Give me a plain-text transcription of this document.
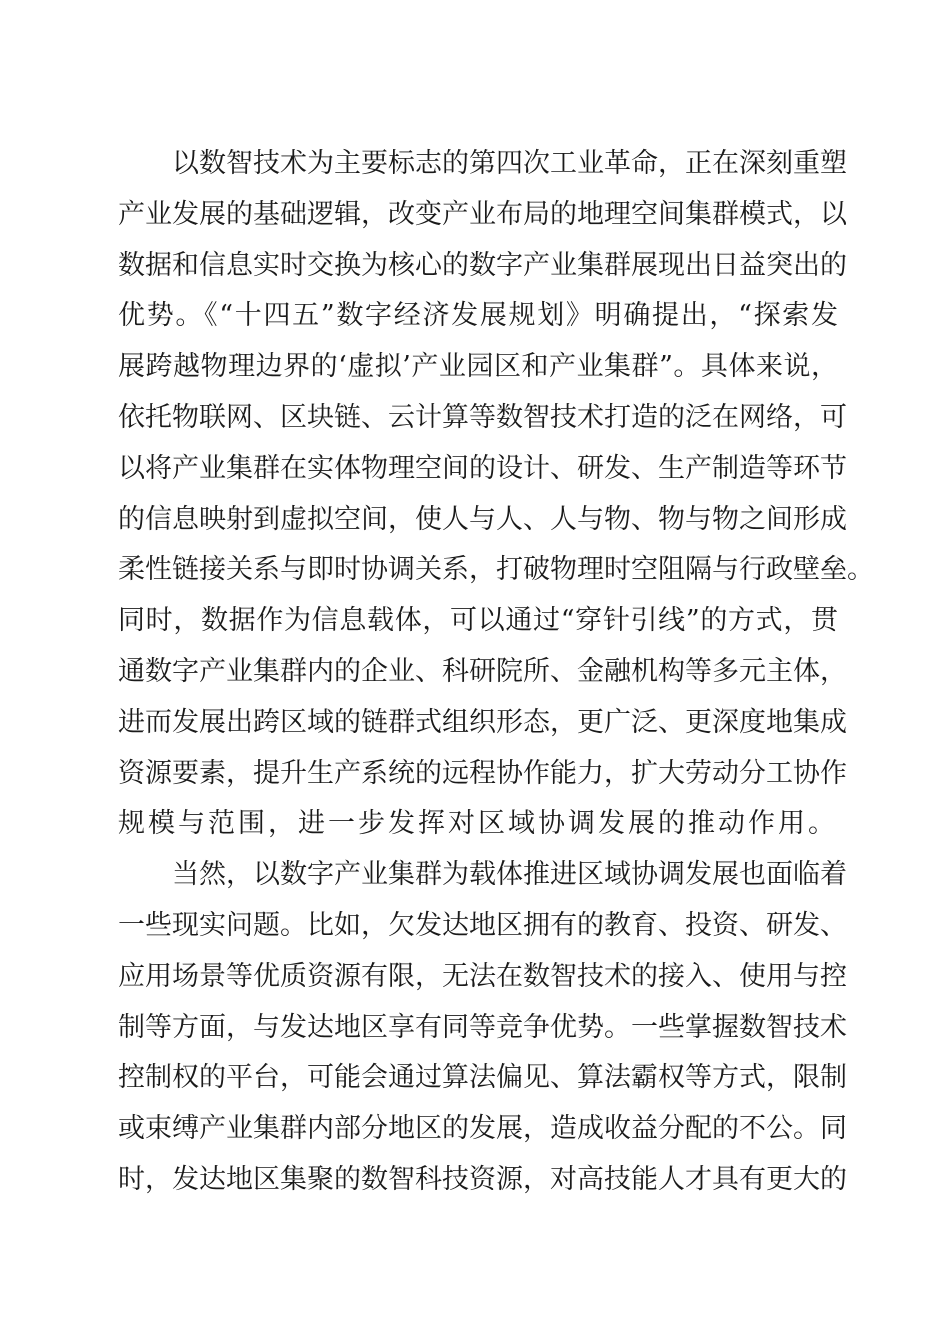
以数智技术为主要标志的第四次工业革命，正在深刻重塑
产业发展的基础逻辑，改变产业布局的地理空间集群模式，以
数据和信息实时交换为核心的数字产业集群展现出日益突出的
优势。《“十四五”数字经济发展规划》明确提出，“探索发
展跨越物理边界的‘虚拟’产业园区和产业集群”。具体来说，
依托物联网、区块链、云计算等数智技术打造的泛在网络，可
以将产业集群在实体物理空间的设计、研发、生产制造等环节
的信息映射到虚拟空间，使人与人、人与物、物与物之间形成
柔性链接关系与即时协调关系，打破物理时空阻隔与行政壁垒。
同时，数据作为信息载体，可以通过“穿针引线”的方式，贯
通数字产业集群内的企业、科研院所、金融机构等多元主体，
进而发展出跨区域的链群式组织形态，更广泛、更深度地集成
资源要素，提升生产系统的远程协作能力，扩大劳动分工协作
规模与范围，进一步发挥对区域协调发展的推动作用。
当然，以数字产业集群为载体推进区域协调发展也面临着
一些现实问题。比如，欠发达地区拥有的教育、投资、研发、
应用场景等优质资源有限，无法在数智技术的接入、使用与控
制等方面，与发达地区享有同等竞争优势。一些掌握数智技术
控制权的平台，可能会通过算法偏见、算法霸权等方式，限制
或束缚产业集群内部分地区的发展，造成收益分配的不公。同
时，发达地区集聚的数智科技资源，对高技能人才具有更大的
